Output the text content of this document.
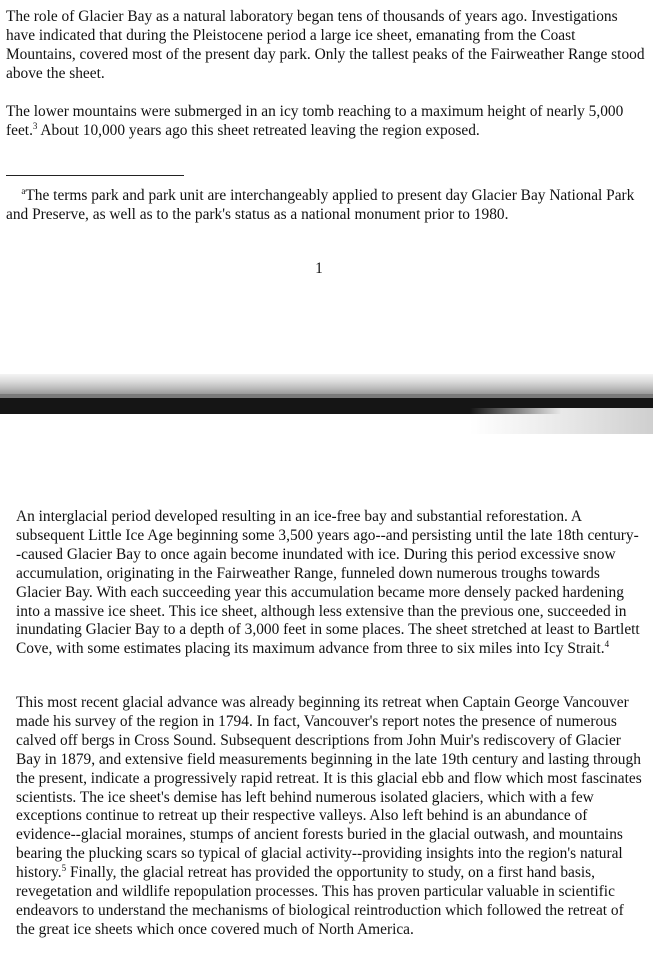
The role of Glacier Bay as a natural laboratory began tens of thousands of years ago. Investigations have indicated that during the Pleistocene period a large ice sheet, emanating from the Coast Mountains, covered most of the present day park. Only the tallest peaks of the Fairweather Range stood above the sheet.

The lower mountains were submerged in an icy tomb reaching to a maximum height of nearly 5,000 feet.$^3$ About 10,000 years ago this sheet retreated leaving the region exposed.

 $^a$The terms park and park unit are interchangeably applied to present day Glacier Bay National Park and Preserve, as well as to the park's status as a national monument prior to 1980.

1

An interglacial period developed resulting in an ice-free bay and substantial reforestation. A subsequent Little Ice Age beginning some 3,500 years ago--and persisting until the late 18th century--caused Glacier Bay to once again become inundated with ice. During this period excessive snow accumulation, originating in the Fairweather Range, funneled down numerous troughs towards Glacier Bay. With each succeeding year this accumulation became more densely packed hardening into a massive ice sheet. This ice sheet, although less extensive than the previous one, succeeded in inundating Glacier Bay to a depth of 3,000 feet in some places. The sheet stretched at least to Bartlett Cove, with some estimates placing its maximum advance from three to six miles into Icy Strait.$^4$

This most recent glacial advance was already beginning its retreat when Captain George Vancouver made his survey of the region in 1794. In fact, Vancouver's report notes the presence of numerous calved off bergs in Cross Sound. Subsequent descriptions from John Muir's rediscovery of Glacier Bay in 1879, and extensive field measurements beginning in the late 19th century and lasting through the present, indicate a progressively rapid retreat. It is this glacial ebb and flow which most fascinates scientists. The ice sheet's demise has left behind numerous isolated glaciers, which with a few exceptions continue to retreat up their respective valleys. Also left behind is an abundance of evidence--glacial moraines, stumps of ancient forests buried in the glacial outwash, and mountains bearing the plucking scars so typical of glacial activity--providing insights into the region's natural history.$^5$ Finally, the glacial retreat has provided the opportunity to study, on a first hand basis, revegetation and wildlife repopulation processes. This has proven particular valuable in scientific endeavors to understand the mechanisms of biological reintroduction which followed the retreat of the great ice sheets which once covered much of North America.
